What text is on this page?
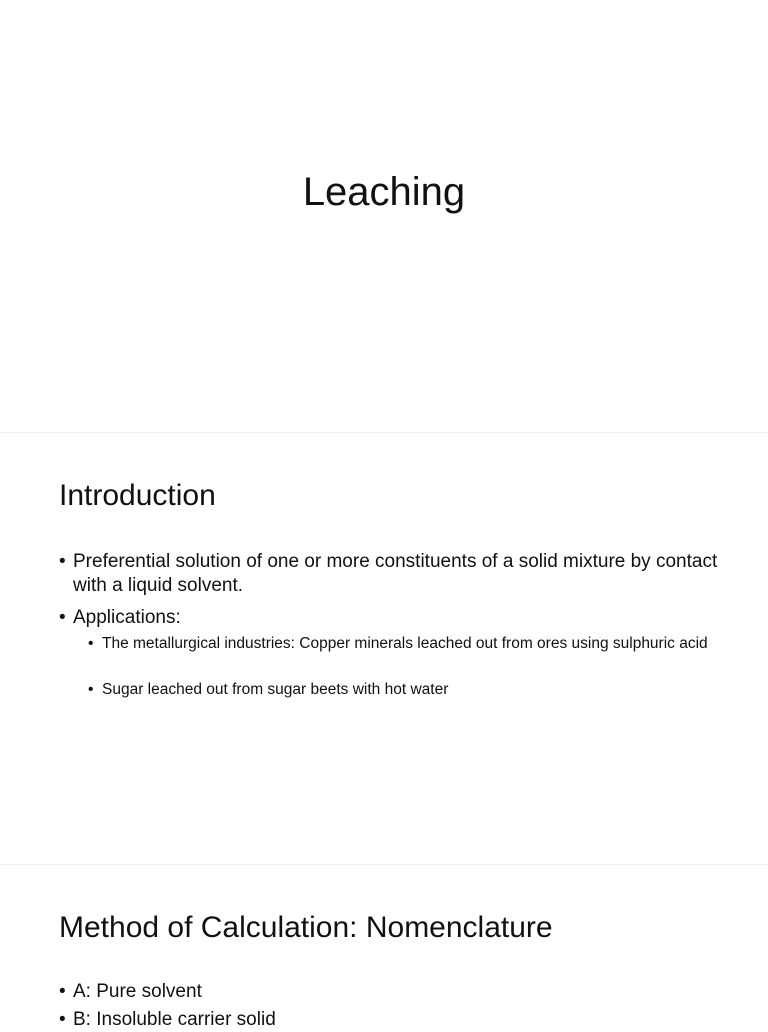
Leaching
Introduction
• Preferential solution of one or more constituents of a solid mixture by contact with a liquid solvent.
• Applications:
• The metallurgical industries: Copper minerals leached out from ores using sulphuric acid
• Sugar leached out from sugar beets with hot water
Method of Calculation: Nomenclature
• A: Pure solvent
• B: Insoluble carrier solid
